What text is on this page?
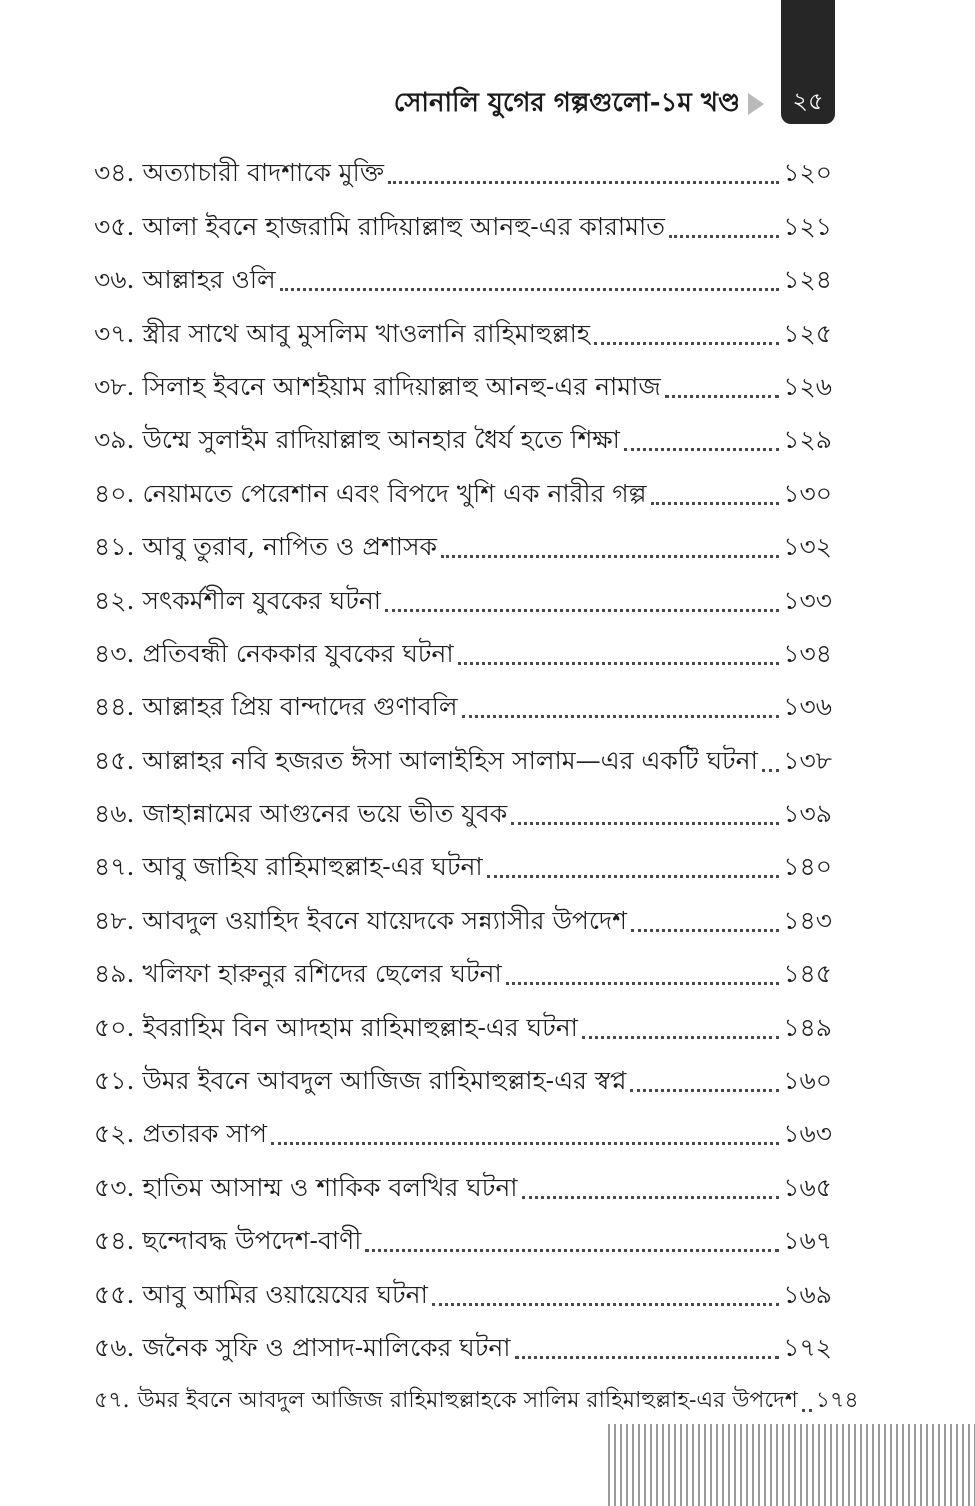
২৫
সোনালি যুগের গল্পগুলো-১ম খণ্ড
৩৪. অত্যাচারী বাদশাকে মুক্তি	১২০
৩৫. আলা ইবনে হাজরামি রাদিয়াল্লাহু আনহু-এর কারামাত	১২১
৩৬. আল্লাহর ওলি	১২৪
৩৭. স্ত্রীর সাথে আবু মুসলিম খাওলানি রাহিমাহুল্লাহ	১২৫
৩৮. সিলাহ ইবনে আশইয়াম রাদিয়াল্লাহু আনহু-এর নামাজ	১২৬
৩৯. উম্মে সুলাইম রাদিয়াল্লাহু আনহার ধৈর্য হতে শিক্ষা	১২৯
৪০. নেয়ামতে পেরেশান এবং বিপদে খুশি এক নারীর গল্প	১৩০
৪১. আবু তুরাব, নাপিত ও প্রশাসক	১৩২
৪২. সৎকর্মশীল যুবকের ঘটনা	১৩৩
৪৩. প্রতিবন্ধী নেককার যুবকের ঘটনা	১৩৪
৪৪. আল্লাহর প্রিয় বান্দাদের গুণাবলি	১৩৬
৪৫. আল্লাহর নবি হজরত ঈসা আলাইহিস সালাম—এর একটি ঘটনা ১৩৮
৪৬. জাহান্নামের আগুনের ভয়ে ভীত যুবক	১৩৯
৪৭. আবু জাহিয রাহিমাহুল্লাহ-এর ঘটনা	১৪০
৪৮. আবদুল ওয়াহিদ ইবনে যায়েদকে সন্ন্যাসীর উপদেশ	১৪৩
৪৯. খলিফা হারুনুর রশিদের ছেলের ঘটনা	১৪৫
৫০. ইবরাহিম বিন আদহাম রাহিমাহুল্লাহ-এর ঘটনা	১৪৯
৫১. উমর ইবনে আবদুল আজিজ রাহিমাহুল্লাহ-এর স্বপ্ন	১৬০
৫২. প্রতারক সাপ	১৬৩
৫৩. হাতিম আসাম্ম ও শাকিক বলখির ঘটনা	১৬৫
৫৪. ছন্দোবদ্ধ উপদেশ-বাণী	১৬৭
৫৫. আবু আমির ওয়ায়েযের ঘটনা	১৬৯
৫৬. জনৈক সুফি ও প্রাসাদ-মালিকের ঘটনা	১৭২
৫৭. উমর ইবনে আবদুল আজিজ রাহিমাহুল্লাহকে সালিম রাহিমাহুল্লাহ-এর উপদেশ ১৭৪
